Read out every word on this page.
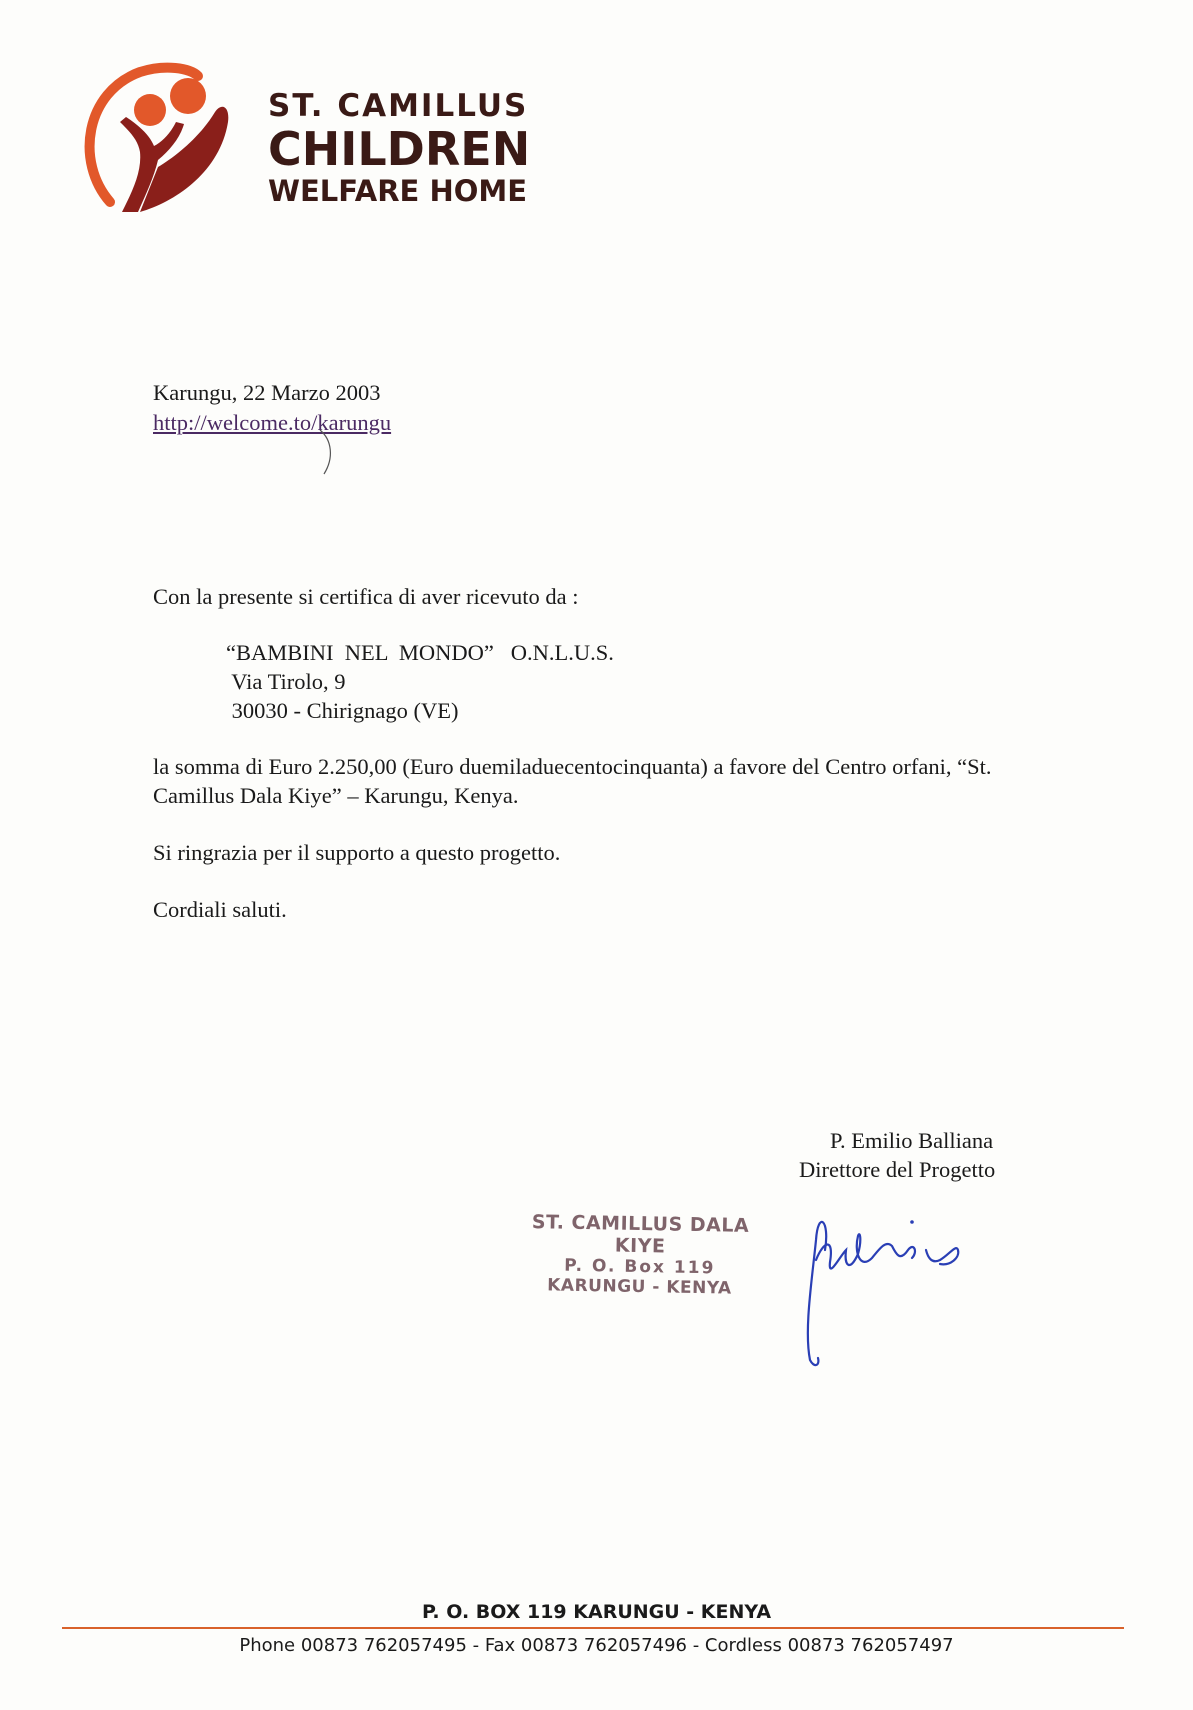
ST. CAMILLUS
CHILDREN
WELFARE HOME
Karungu, 22 Marzo 2003
http://welcome.to/karungu
Con la presente si certifica di aver ricevuto da :
“BAMBINI  NEL  MONDO”   O.N.L.U.S.
Via Tirolo, 9
30030 - Chirignago (VE)
la somma di Euro 2.250,00 (Euro duemiladuecentocinquanta) a favore del Centro orfani, “St. Camillus Dala Kiye” – Karungu, Kenya.
Si ringrazia per il supporto a questo progetto.
Cordiali saluti.
P. Emilio Balliana
Direttore del Progetto
ST. CAMILLUS DALA KIYE
P. O. Box 119
KARUNGU - KENYA
P. O. BOX 119 KARUNGU - KENYA
Phone 00873 762057495 - Fax 00873 762057496 - Cordless 00873 762057497
